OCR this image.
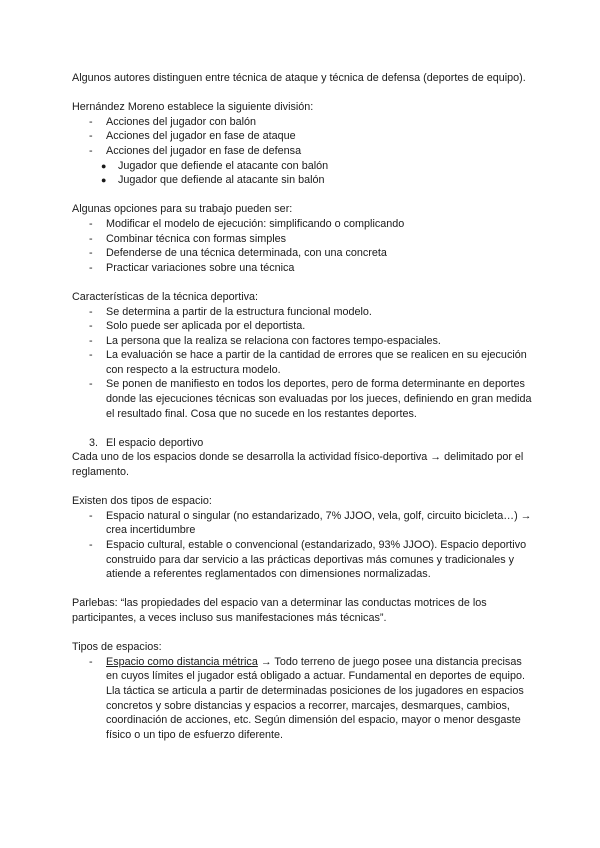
Algunos autores distinguen entre técnica de ataque y técnica de defensa (deportes de equipo).

Hernández Moreno establece la siguiente división:

- Acciones del jugador con balón
- Acciones del jugador en fase de ataque
- Acciones del jugador en fase de defensa
● Jugador que defiende el atacante con balón
● Jugador que defiende al atacante sin balón

Algunas opciones para su trabajo pueden ser:

- Modificar el modelo de ejecución: simplificando o complicando
- Combinar técnica con formas simples
- Defenderse de una técnica determinada, con una concreta
- Practicar variaciones sobre una técnica

Características de la técnica deportiva:

- Se determina a partir de la estructura funcional modelo.
- Solo puede ser aplicada por el deportista.
- La persona que la realiza se relaciona con factores tempo-espaciales.
- La evaluación se hace a partir de la cantidad de errores que se realicen en su ejecución con respecto a la estructura modelo.
- Se ponen de manifiesto en todos los deportes, pero de forma determinante en deportes donde las ejecuciones técnicas son evaluadas por los jueces, definiendo en gran medida el resultado final. Cosa que no sucede en los restantes deportes.
3. El espacio deportivo

Cada uno de los espacios donde se desarrolla la actividad físico-deportiva → delimitado por el reglamento.

Existen dos tipos de espacio:

- Espacio natural o singular (no estandarizado, 7% JJOO, vela, golf, circuito bicicleta…) → crea incertidumbre
- Espacio cultural, estable o convencional (estandarizado, 93% JJOO). Espacio deportivo construido para dar servicio a las prácticas deportivas más comunes y tradicionales y atiende a referentes reglamentados con dimensiones normalizadas.

Parlebas: “las propiedades del espacio van a determinar las conductas motrices de los participantes, a veces incluso sus manifestaciones más técnicas”.

Tipos de espacios:

- Espacio como distancia métrica → Todo terreno de juego posee una distancia precisas en cuyos límites el jugador está obligado a actuar. Fundamental en deportes de equipo. Lla táctica se articula a partir de determinadas posiciones de los jugadores en espacios concretos y sobre distancias y espacios a recorrer, marcajes, desmarques, cambios, coordinación de acciones, etc. Según dimensión del espacio, mayor o menor desgaste físico o un tipo de esfuerzo diferente.
